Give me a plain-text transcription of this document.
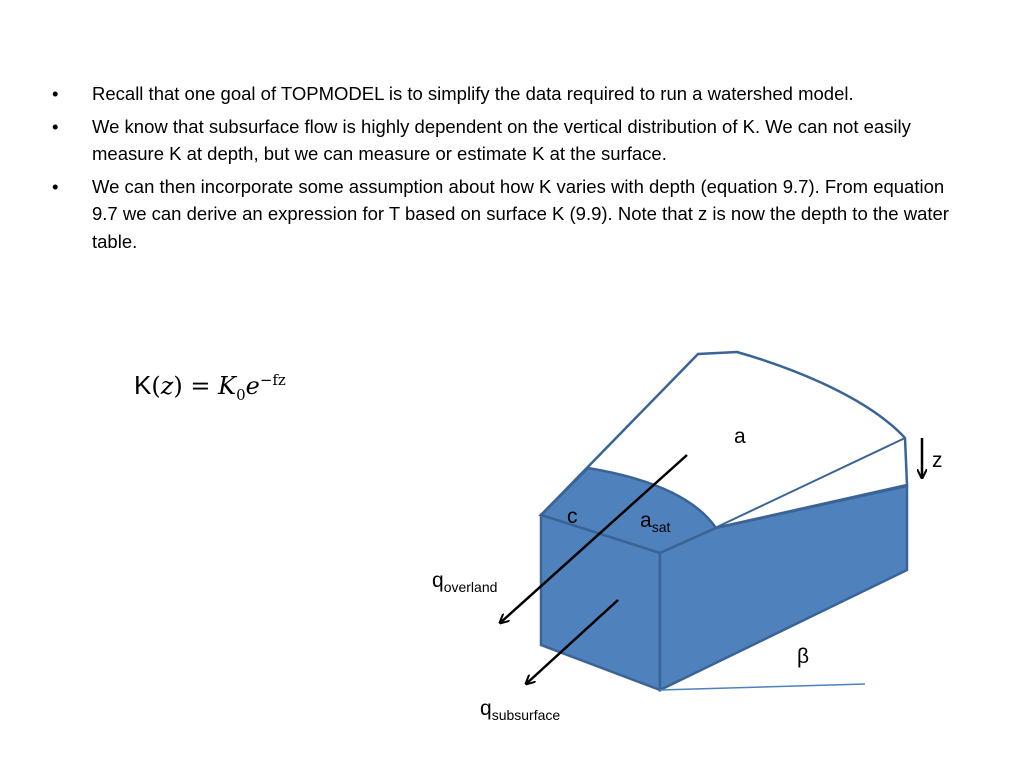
• Recall that one goal of TOPMODEL is to simplify the data required to run a watershed model.
• We know that subsurface flow is highly dependent on the vertical distribution of K. We can not easily measure K at depth, but we can measure or estimate K at the surface.
• We can then incorporate some assumption about how K varies with depth (equation 9.7). From equation 9.7 we can derive an expression for T based on surface K (9.9). Note that z is now the depth to the water table.
$K(z) = K_0e^{-fz}$
a
z
c	$a_{sat}$
$q_{overland}$
β
$q_{subsurface}$
